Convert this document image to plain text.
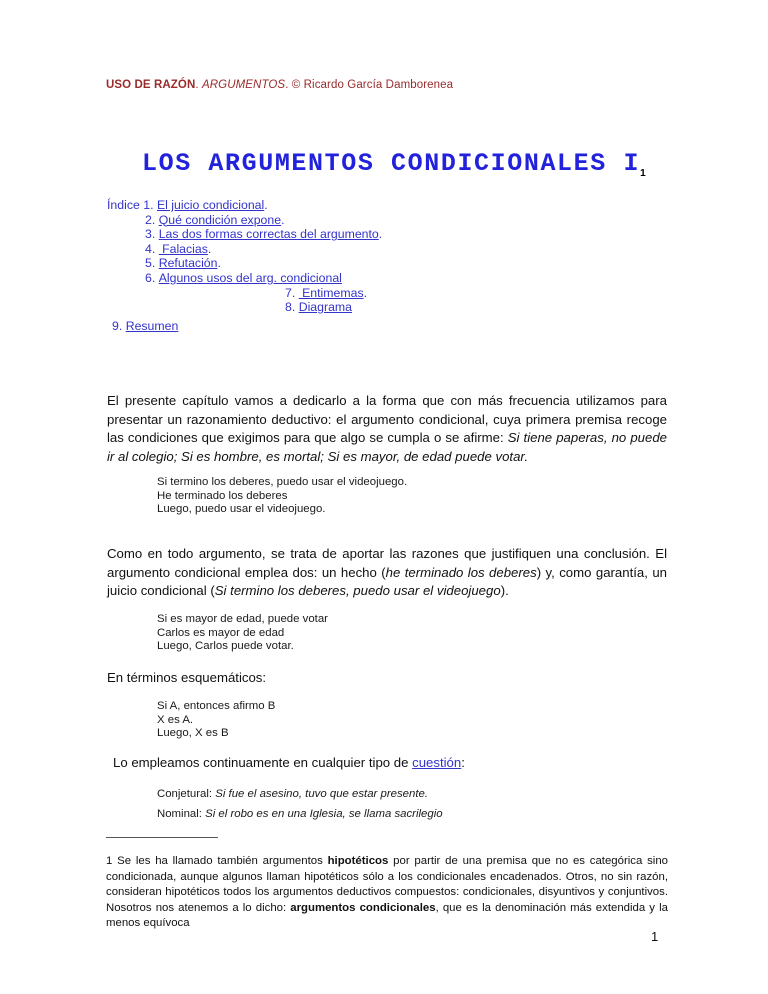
USO DE RAZÓN. ARGUMENTOS. © Ricardo García Damborenea
LOS ARGUMENTOS CONDICIONALES $I_1$
Índice 1. El juicio condicional.
2. Qué condición expone.
3. Las dos formas correctas del argumento.
4.  Falacias.
5. Refutación.
6. Algunos usos del arg. condicional
7.  Entimemas.
8. Diagrama
9. Resumen

El presente capítulo vamos a dedicarlo a la forma que con más frecuencia utilizamos para presentar un razonamiento deductivo: el argumento condicional, cuya primera premisa recoge las condiciones que exigimos para que algo se cumpla o se afirme: Si tiene paperas, no puede ir al colegio; Si es hombre, es mortal; Si es mayor, de edad puede votar.

Si termino los deberes, puedo usar el videojuego.
He terminado los deberes
Luego, puedo usar el videojuego.

Como en todo argumento, se trata de aportar las razones que justifiquen una conclusión. El argumento condicional emplea dos: un hecho (he terminado los deberes) y, como garantía, un juicio condicional (Si termino los deberes, puedo usar el videojuego).

Si es mayor de edad, puede votar
Carlos es mayor de edad
Luego, Carlos puede votar.
En términos esquemáticos:
Si A, entonces afirmo B
X es A.
Luego, X es B
Lo empleamos continuamente en cualquier tipo de cuestión:
Conjetural: Si fue el asesino, tuvo que estar presente.
Nominal: Si el robo es en una Iglesia, se llama sacrilegio

1 Se les ha llamado también argumentos hipotéticos por partir de una premisa que no es categórica sino condicionada, aunque algunos llaman hipotéticos sólo a los condicionales encadenados. Otros, no sin razón, consideran hipotéticos todos los argumentos deductivos compuestos: condicionales, disyuntivos y conjuntivos. Nosotros nos atenemos a lo dicho: argumentos condicionales, que es la denominación más extendida y la menos equívoca

1
